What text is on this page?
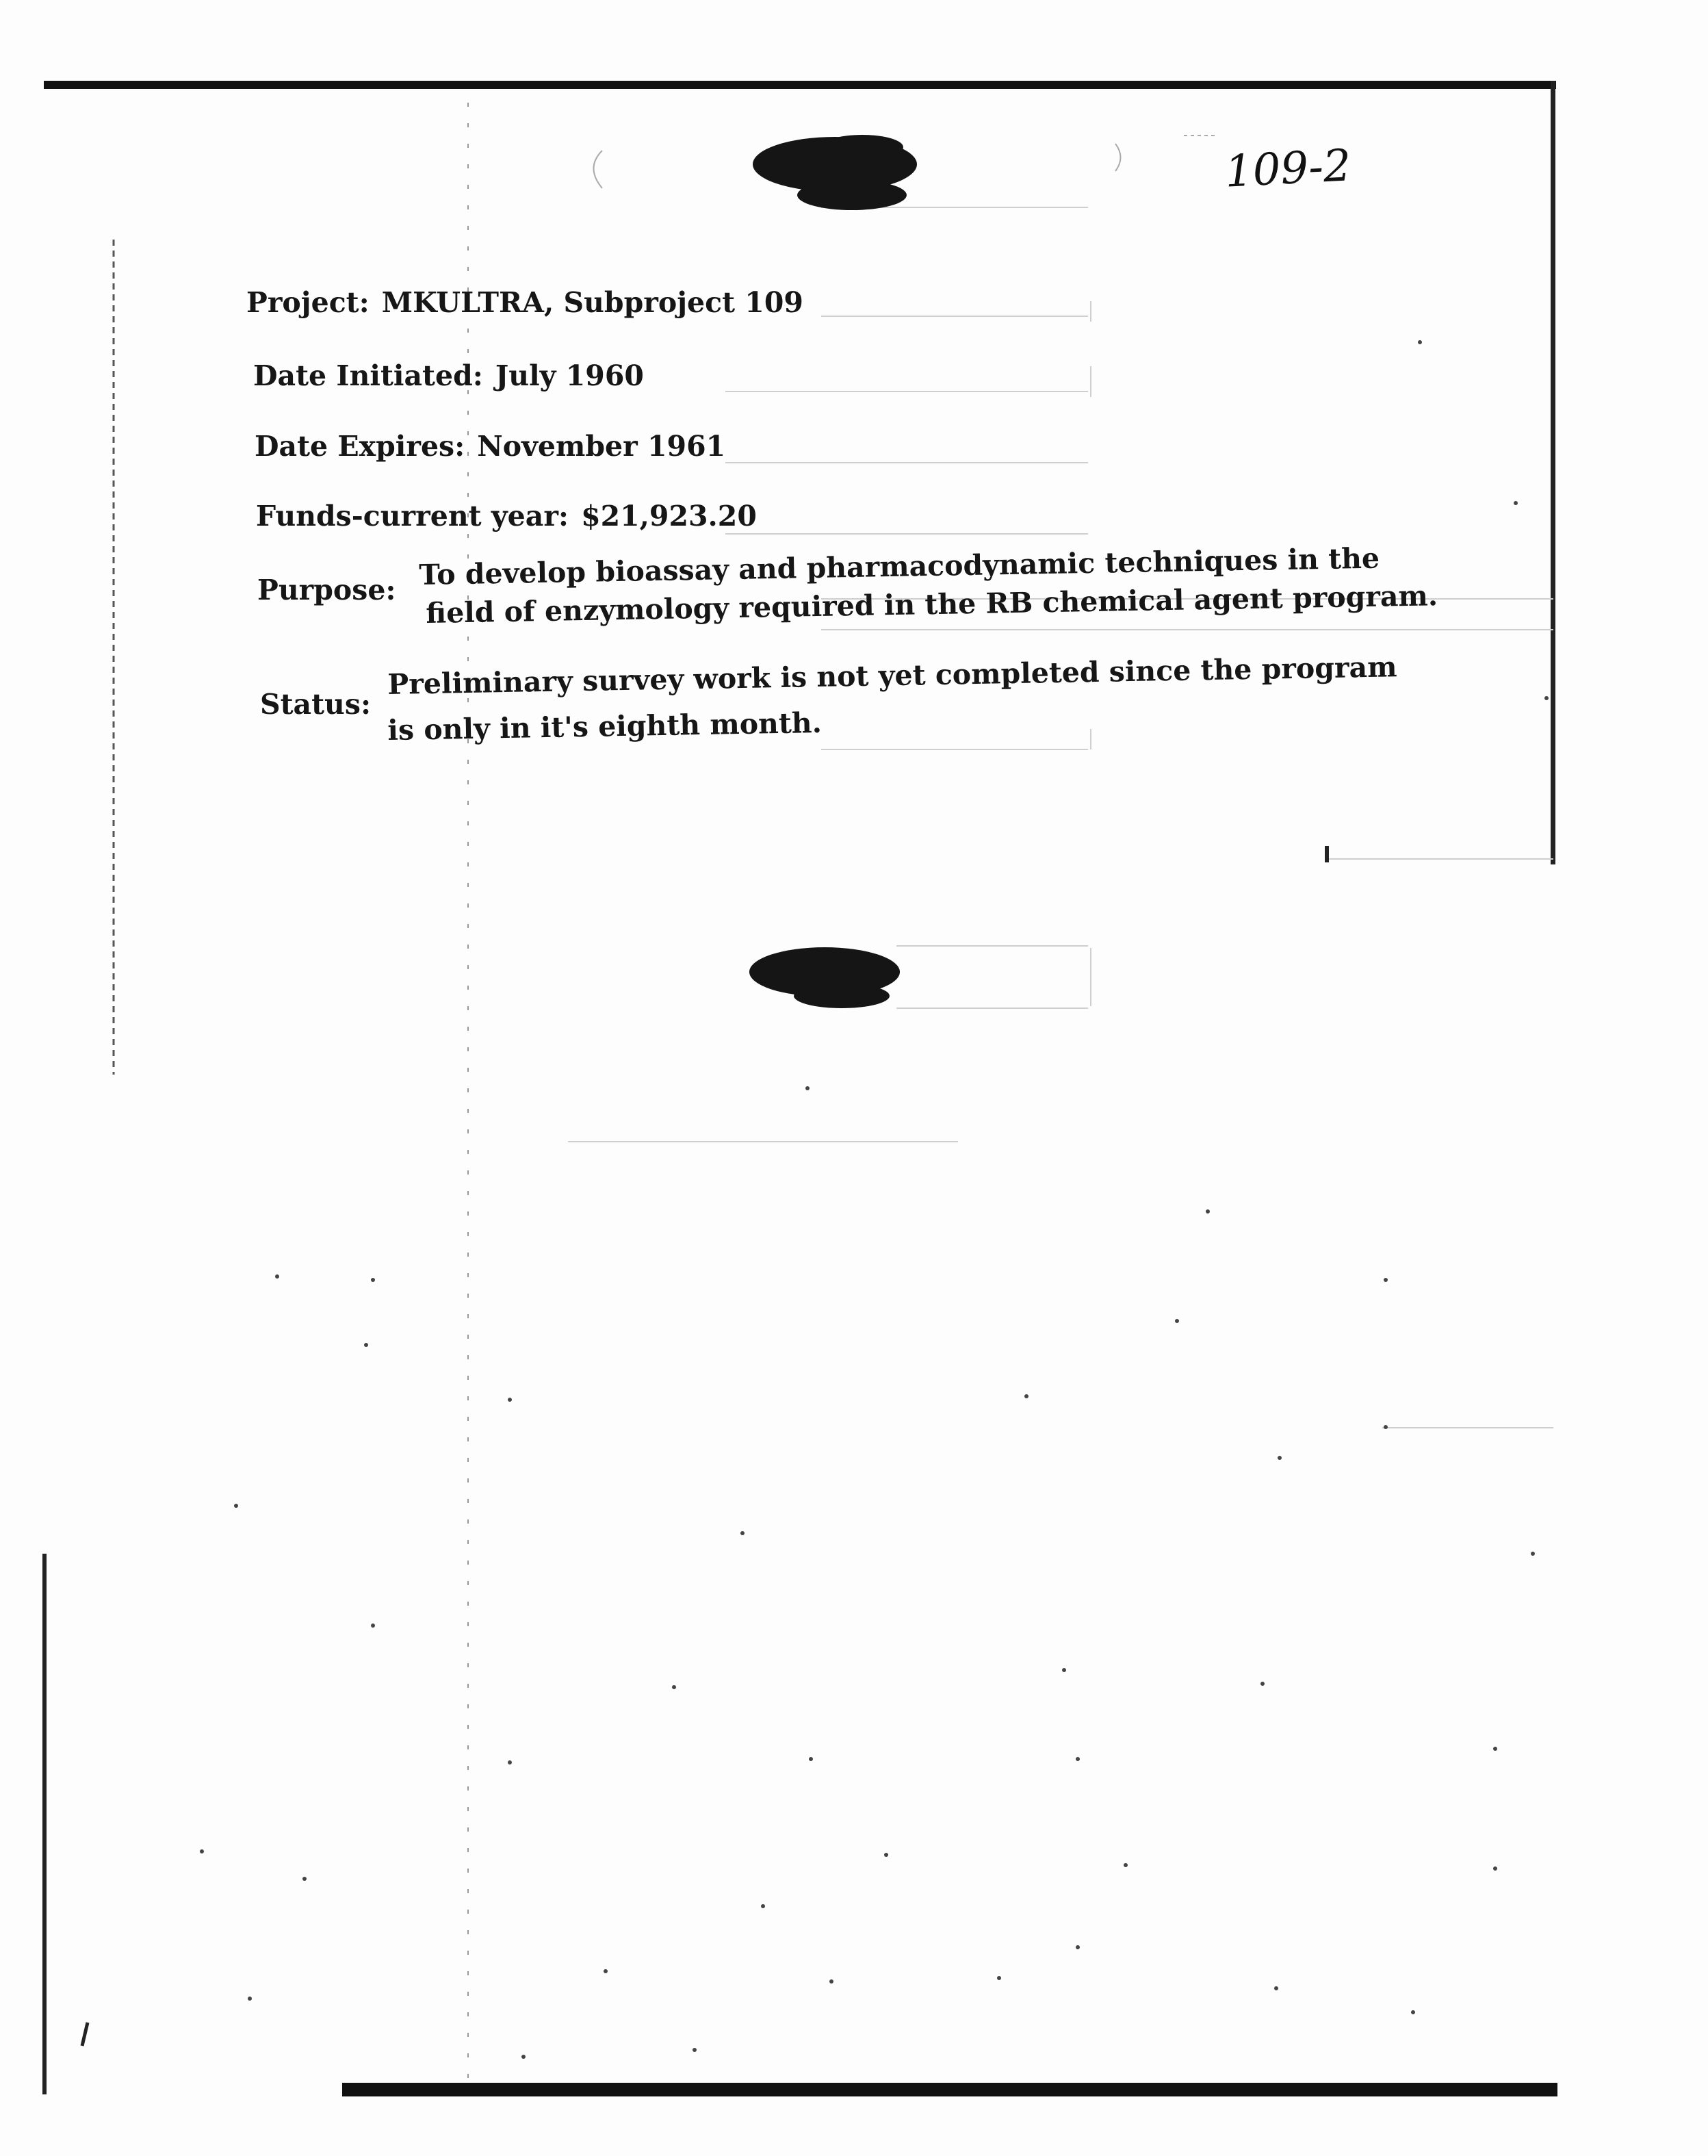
109-2
Project: MKULTRA, Subproject 109
Date Initiated: July 1960
Date Expires: November 1961
Funds-current year: $21,923.20
Purpose: To develop bioassay and pharmacodynamic techniques in the
field of enzymology required in the RB chemical agent program.
Status:
Preliminary survey work is not yet completed since the program
is only in it's eighth month.
